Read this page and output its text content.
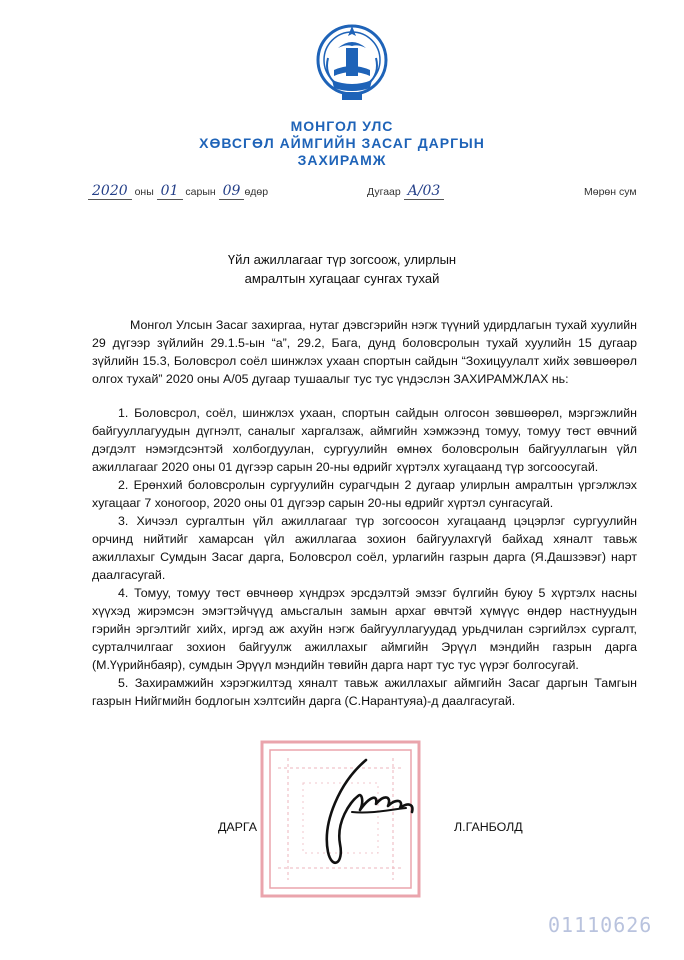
МОНГОЛ УЛС
ХӨВСГӨЛ АЙМГИЙН ЗАСАГ ДАРГЫН
ЗАХИРАМЖ
2020 оны 01 сарын 09 өдөр	Дугаар A/03	Мөрөн сум
Үйл ажиллагааг түр зогсоож, улирлын
амралтын хугацааг сунгах тухай

Монгол Улсын Засаг захиргаа, нутаг дэвсгэрийн нэгж түүний удирдлагын тухай хуулийн 29 дүгээр зүйлийн 29.1.5-ын “а”, 29.2, Бага, дунд боловсролын тухай хуулийн 15 дугаар зүйлийн 15.3, Боловсрол соёл шинжлэх ухаан спортын сайдын “Зохицуулалт хийх зөвшөөрөл олгох тухай” 2020 оны А/05 дугаар тушаалыг тус тус үндэслэн ЗАХИРАМЖЛАХ нь:

1. Боловсрол, соёл, шинжлэх ухаан, спортын сайдын олгосон зөвшөөрөл, мэргэжлийн байгууллагуудын дүгнэлт, саналыг харгалзаж, аймгийн хэмжээнд томуу, томуу төст өвчний дэгдэлт нэмэгдсэнтэй холбогдуулан, сургуулийн өмнөх боловсролын байгууллагын үйл ажиллагааг 2020 оны 01 дүгээр сарын 20-ны өдрийг хүртэлх хугацаанд түр зогсоосугай.

2. Ерөнхий боловсролын сургуулийн сурагчдын 2 дугаар улирлын амралтын үргэлжлэх хугацааг 7 хоногоор, 2020 оны 01 дүгээр сарын 20-ны өдрийг хүртэл сунгасугай.

3. Хичээл сургалтын үйл ажиллагааг түр зогсоосон хугацаанд цэцэрлэг сургуулийн орчинд нийтийг хамарсан үйл ажиллагаа зохион байгуулахгүй байхад хяналт тавьж ажиллахыг Сумдын Засаг дарга, Боловсрол соёл, урлагийн газрын дарга (Я.Дашзэвэг) нарт даалгасугай.

4. Томуу, томуу төст өвчнөөр хүндрэх эрсдэлтэй эмзэг бүлгийн буюу 5 хүртэлх насны хүүхэд жирэмсэн эмэгтэйчүүд амьсгалын замын архаг өвчтэй хүмүүс өндөр настнуудын гэрийн эргэлтийг хийх, иргэд аж ахуйн нэгж байгууллагуудад урьдчилан сэргийлэх сургалт, сурталчилгааг зохион байгуулж ажиллахыг аймгийн Эрүүл мэндийн газрын дарга (М.Үүрийнбаяр), сумдын Эрүүл мэндийн төвийн дарга нарт тус тус үүрэг болгосугай.

5. Захирамжийн хэрэгжилтэд хяналт тавьж ажиллахыг аймгийн Засаг даргын Тамгын газрын Нийгмийн бодлогын хэлтсийн дарга (С.Нарантуяа)-д даалгасугай.

ДАРГА	Л.ГАНБОЛД
01110626
